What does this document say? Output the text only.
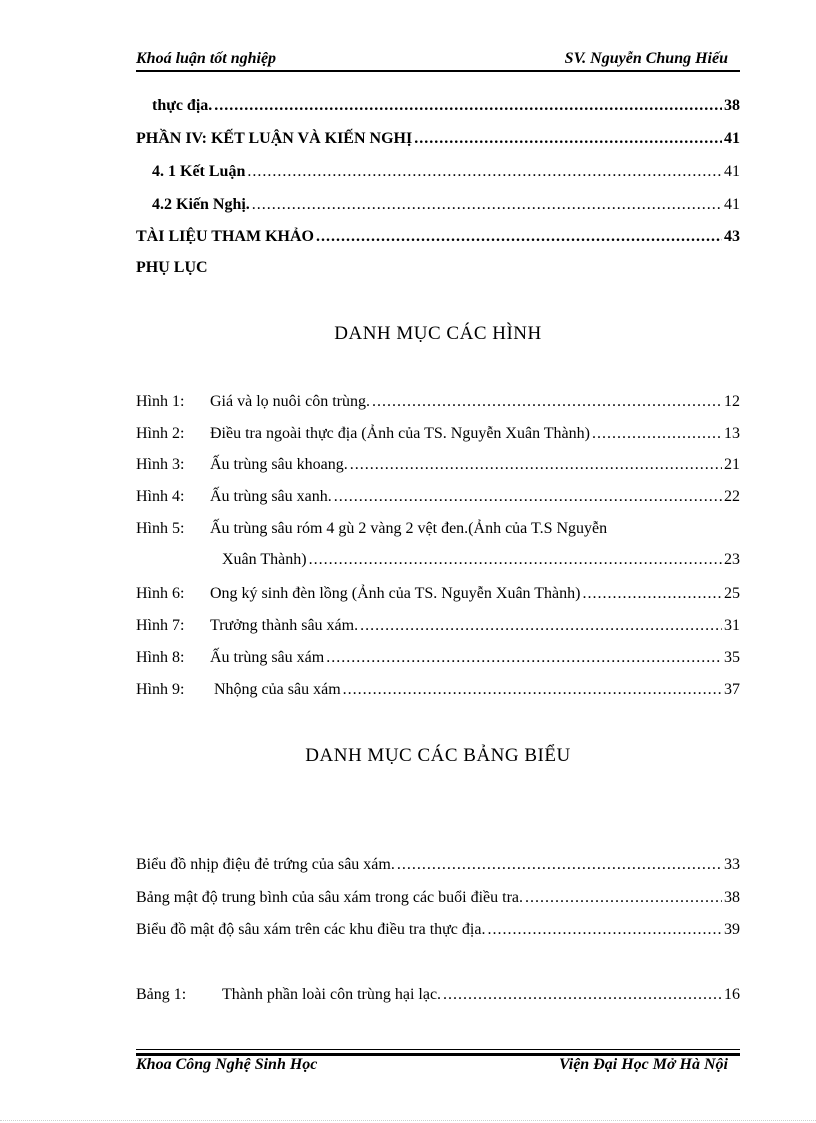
Khoá luận tốt nghiệp	SV. Nguyễn Chung Hiếu
thực địa. .....	38
PHẦN IV: KẾT LUẬN VÀ KIẾN NGHỊ .....	41
4. 1 Kết Luận .....	41
4.2 Kiến Nghị. .....	41
TÀI LIỆU THAM KHẢO .....	43
PHỤ LỤC
DANH MỤC CÁC HÌNH
Hình 1:	Giá và lọ nuôi côn trùng. .....	12
Hình 2:	Điều tra ngoài thực địa (Ảnh của TS. Nguyễn Xuân Thành) .....	13
Hình 3:	Ấu trùng sâu khoang. .....	21
Hình 4:	Ấu trùng sâu xanh. .....	22
Hình 5:	Ấu trùng sâu róm 4 gù 2 vàng 2 vệt đen.(Ảnh của T.S Nguyễn
Xuân Thành) .....	23
Hình 6:	Ong ký sinh đèn lồng (Ảnh của TS. Nguyễn Xuân Thành) .....	25
Hình 7:	Trưởng thành sâu xám. .....	31
Hình 8:	Ấu trùng sâu xám .....	35
Hình 9:	Nhộng của sâu xám .....	37
DANH MỤC CÁC BẢNG BIỂU
Biểu đồ nhịp điệu đẻ trứng của sâu xám. .....	33
Bảng mật độ trung bình của sâu xám trong các buổi điều tra. .....	38
Biểu đồ mật độ sâu xám trên các khu điều tra thực địa. .....	39
Bảng 1:	Thành phần loài côn trùng hại lạc. .....	16
Khoa Công Nghệ Sinh Học	Viện Đại Học Mở Hà Nội
